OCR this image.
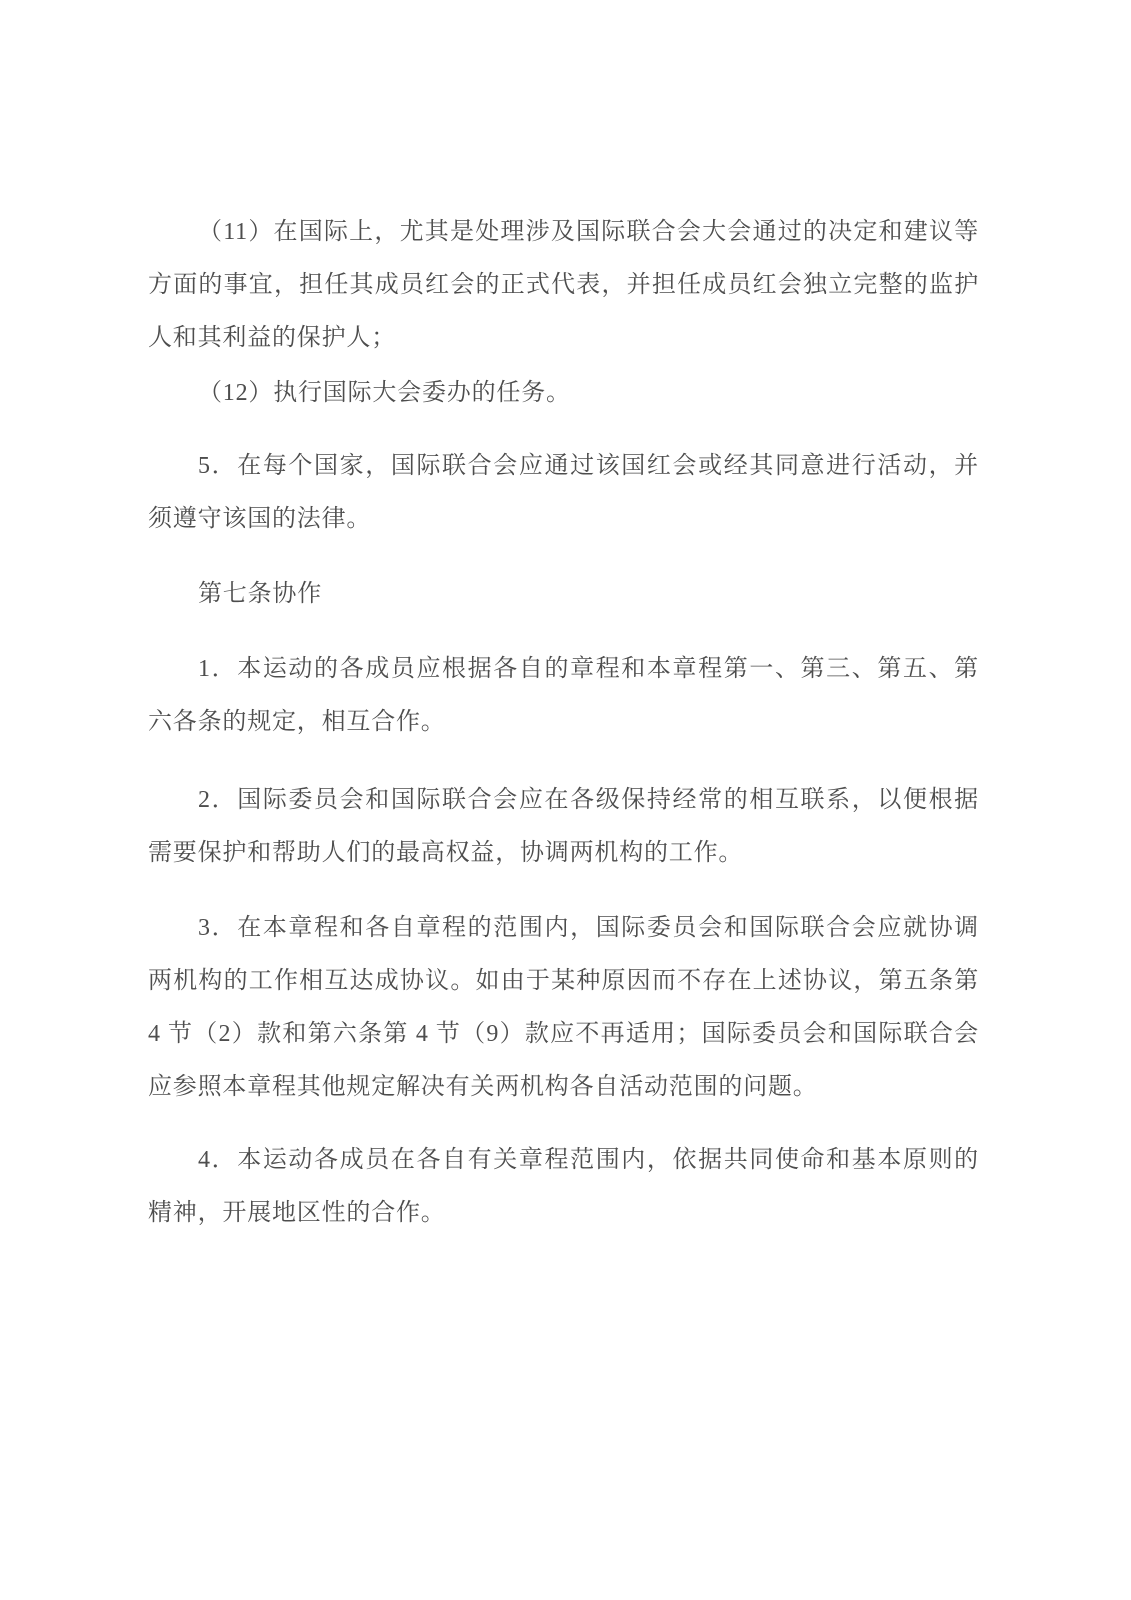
（11）在国际上，尤其是处理涉及国际联合会大会通过的决定和建议等
方面的事宜，担任其成员红会的正式代表，并担任成员红会独立完整的监护
人和其利益的保护人；

（12）执行国际大会委办的任务。

5．在每个国家，国际联合会应通过该国红会或经其同意进行活动，并
须遵守该国的法律。

第七条协作

1．本运动的各成员应根据各自的章程和本章程第一、第三、第五、第
六各条的规定，相互合作。

2．国际委员会和国际联合会应在各级保持经常的相互联系，以便根据
需要保护和帮助人们的最高权益，协调两机构的工作。

3．在本章程和各自章程的范围内，国际委员会和国际联合会应就协调
两机构的工作相互达成协议。如由于某种原因而不存在上述协议，第五条第
4 节（2）款和第六条第 4 节（9）款应不再适用；国际委员会和国际联合会
应参照本章程其他规定解决有关两机构各自活动范围的问题。

4．本运动各成员在各自有关章程范围内，依据共同使命和基本原则的
精神，开展地区性的合作。
